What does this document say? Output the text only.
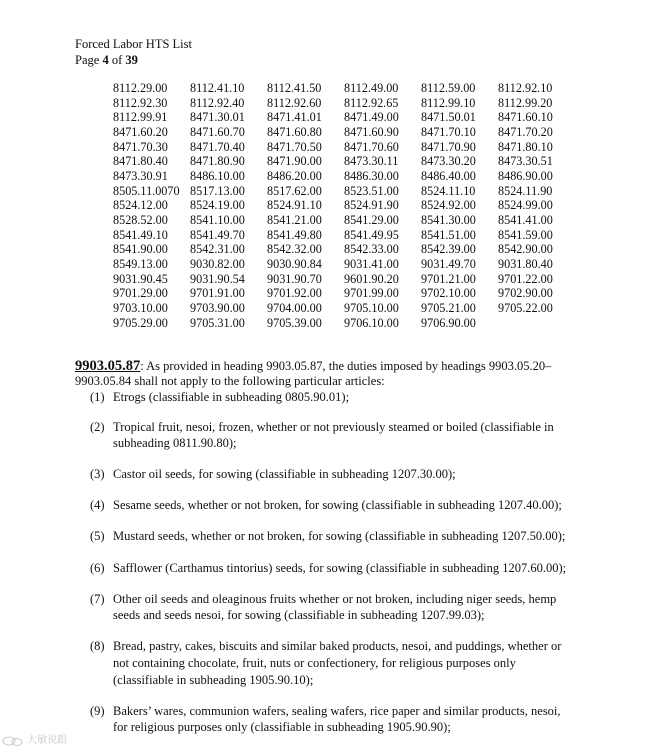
Forced Labor HTS List
Page 4 of 39
8112.29.00	8112.41.10	8112.41.50	8112.49.00	8112.59.00	8112.92.10
8112.92.30	8112.92.40	8112.92.60	8112.92.65	8112.99.10	8112.99.20
8112.99.91	8471.30.01	8471.41.01	8471.49.00	8471.50.01	8471.60.10
8471.60.20	8471.60.70	8471.60.80	8471.60.90	8471.70.10	8471.70.20
8471.70.30	8471.70.40	8471.70.50	8471.70.60	8471.70.90	8471.80.10
8471.80.40	8471.80.90	8471.90.00	8473.30.11	8473.30.20	8473.30.51
8473.30.91	8486.10.00	8486.20.00	8486.30.00	8486.40.00	8486.90.00
8505.11.0070 8517.13.00	8517.62.00	8523.51.00	8524.11.10	8524.11.90
8524.12.00	8524.19.00	8524.91.10	8524.91.90	8524.92.00	8524.99.00
8528.52.00	8541.10.00	8541.21.00	8541.29.00	8541.30.00	8541.41.00
8541.49.10	8541.49.70	8541.49.80	8541.49.95	8541.51.00	8541.59.00
8541.90.00	8542.31.00	8542.32.00	8542.33.00	8542.39.00	8542.90.00
8549.13.00	9030.82.00	9030.90.84	9031.41.00	9031.49.70	9031.80.40
9031.90.45	9031.90.54	9031.90.70	9601.90.20	9701.21.00	9701.22.00
9701.29.00	9701.91.00	9701.92.00	9701.99.00	9702.10.00	9702.90.00
9703.10.00	9703.90.00	9704.00.00	9705.10.00	9705.21.00	9705.22.00
9705.29.00	9705.31.00	9705.39.00	9706.10.00	9706.90.00
9903.05.87: As provided in heading 9903.05.87, the duties imposed by headings 9903.05.20–9903.05.84 shall not apply to the following particular articles:
(1) Etrogs (classifiable in subheading 0805.90.01);
(2) Tropical fruit, nesoi, frozen, whether or not previously steamed or boiled (classifiable in subheading 0811.90.80);
(3) Castor oil seeds, for sowing (classifiable in subheading 1207.30.00);
(4) Sesame seeds, whether or not broken, for sowing (classifiable in subheading 1207.40.00);
(5) Mustard seeds, whether or not broken, for sowing (classifiable in subheading 1207.50.00);
(6) Safflower (Carthamus tintorius) seeds, for sowing (classifiable in subheading 1207.60.00);
(7) Other oil seeds and oleaginous fruits whether or not broken, including niger seeds, hemp seeds and seeds nesoi, for sowing (classifiable in subheading 1207.99.03);
(8) Bread, pastry, cakes, biscuits and similar baked products, nesoi, and puddings, whether or not containing chocolate, fruit, nuts or confectionery, for religious purposes only (classifiable in subheading 1905.90.10);
(9) Bakers’ wares, communion wafers, sealing wafers, rice paper and similar products, nesoi, for religious purposes only (classifiable in subheading 1905.90.90);
大敏说跟
